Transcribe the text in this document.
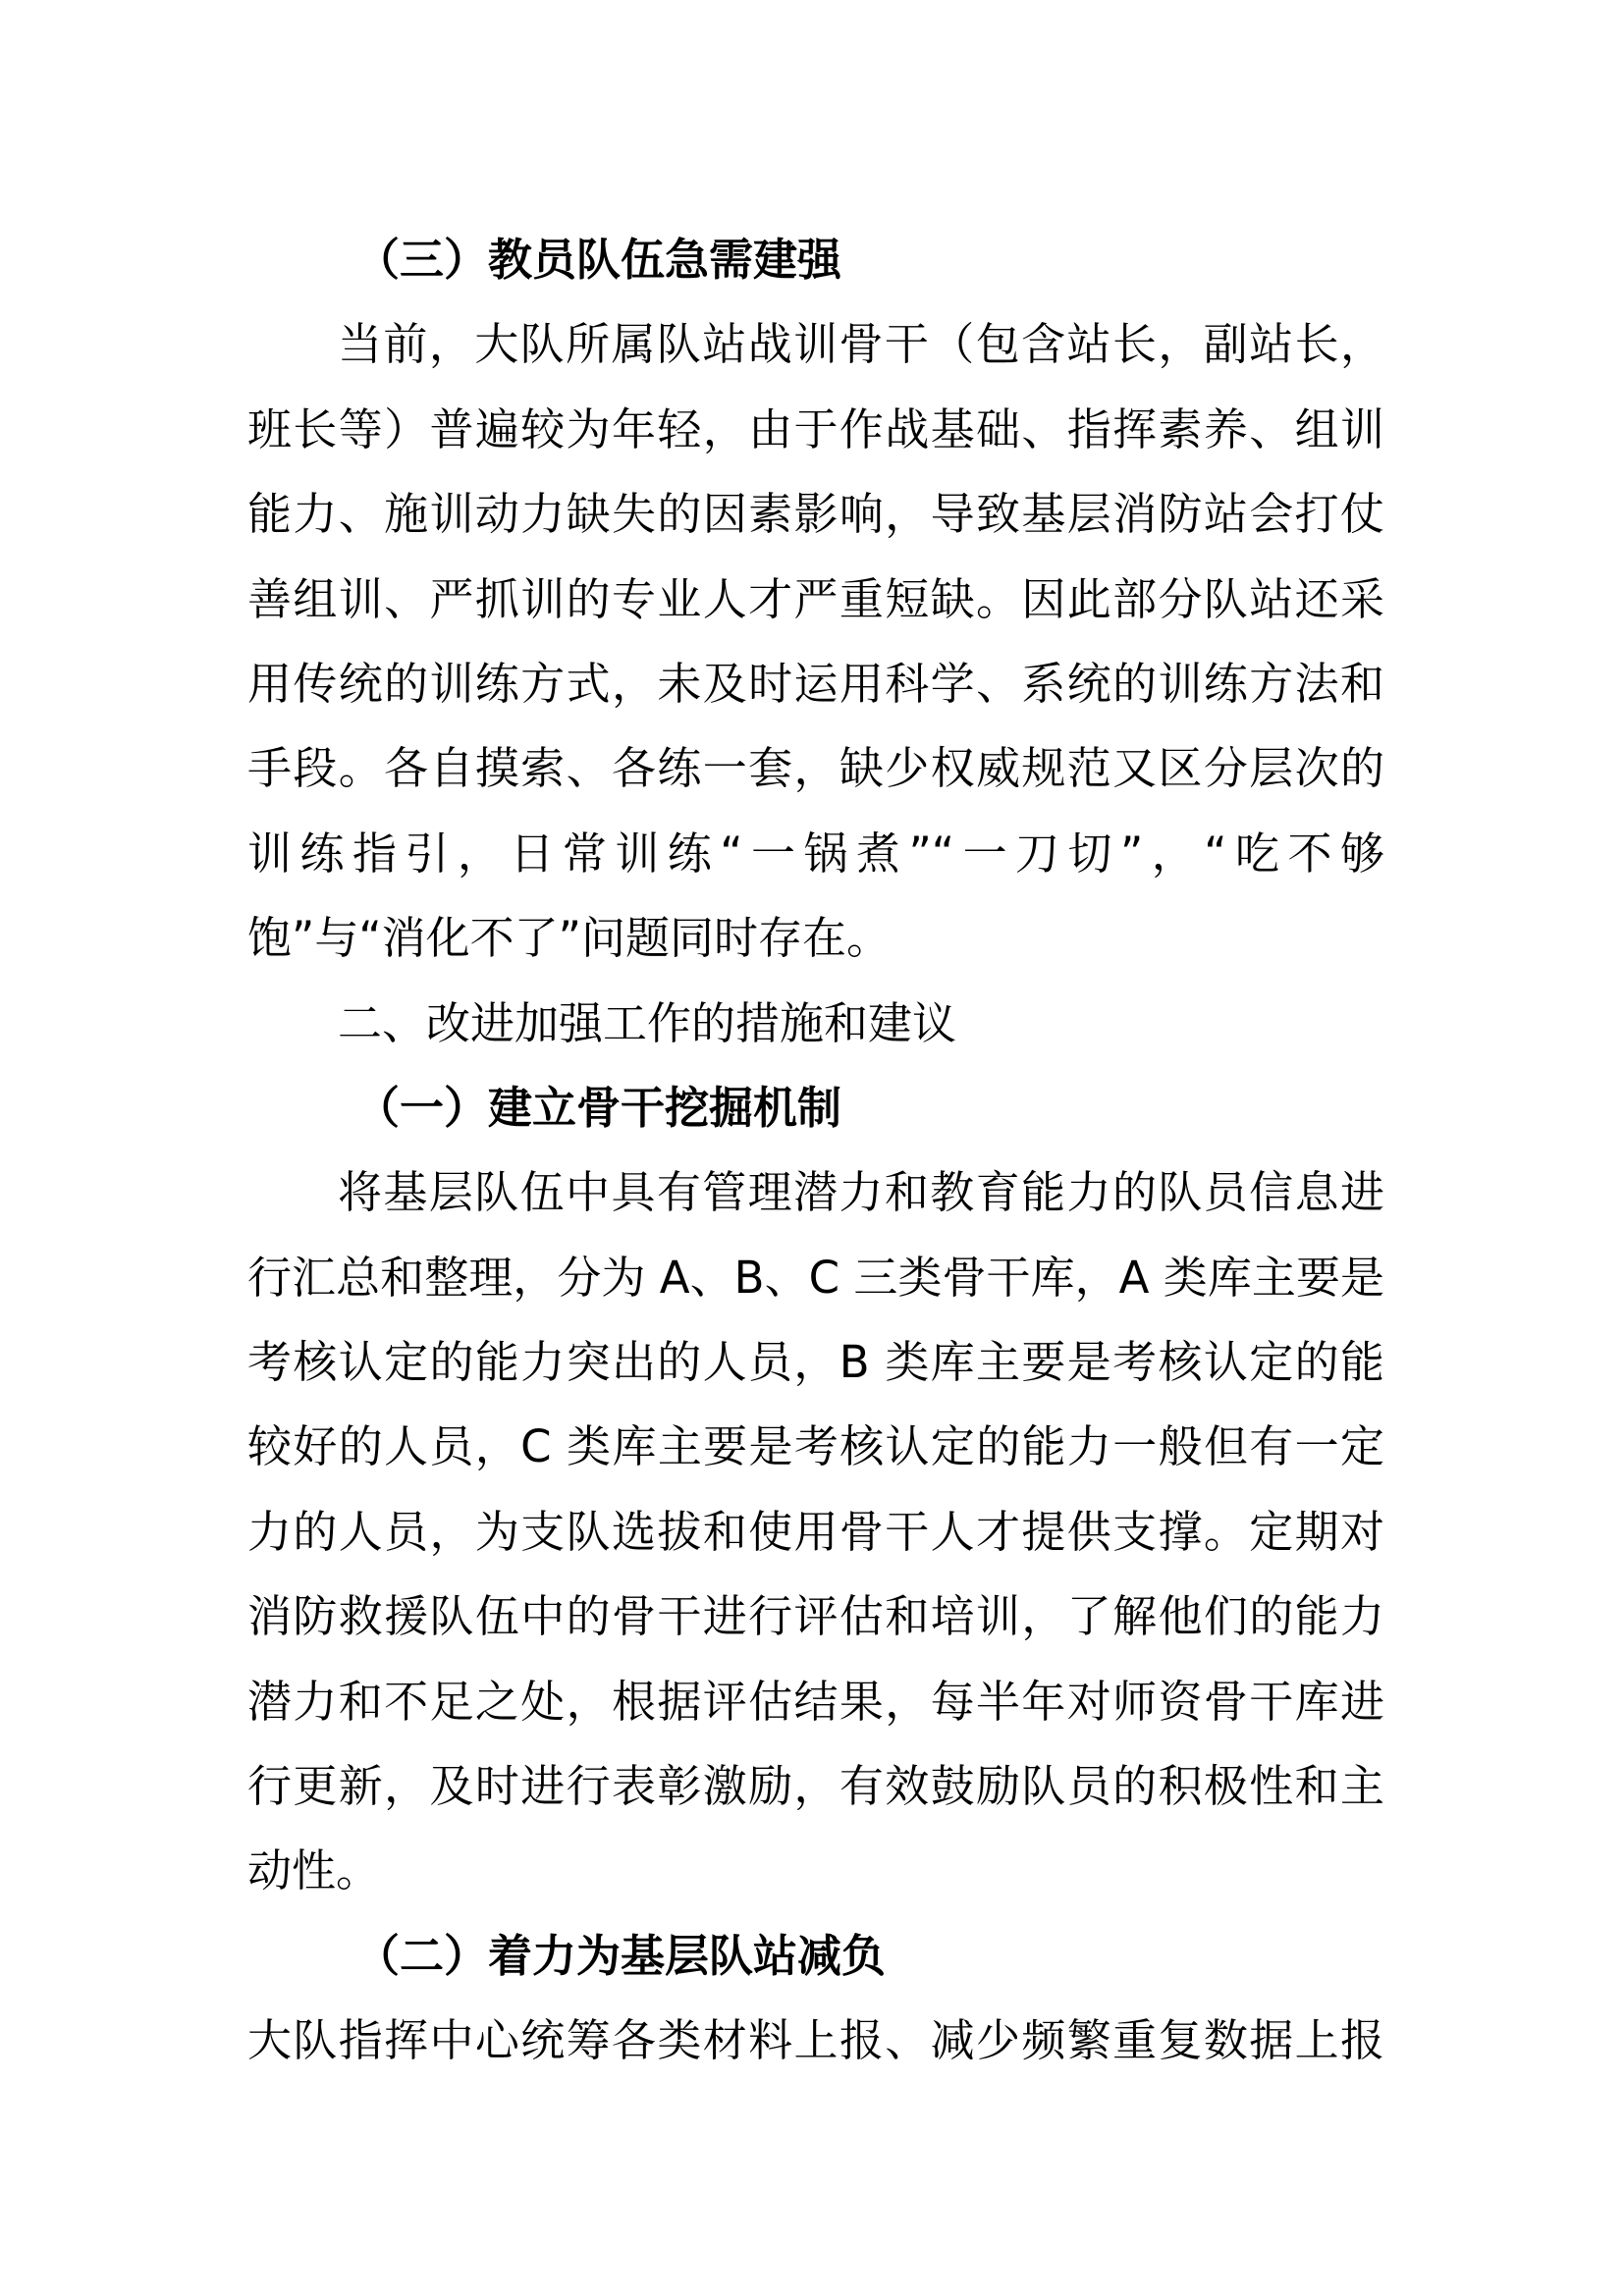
（三）教员队伍急需建强
当前，大队所属队站战训骨干（包含站长，副站长，
班长等）普遍较为年轻，由于作战基础、指挥素养、组训
能力、施训动力缺失的因素影响，导致基层消防站会打仗
善组训、严抓训的专业人才严重短缺。因此部分队站还采
用传统的训练方式，未及时运用科学、系统的训练方法和
手段。各自摸索、各练一套，缺少权威规范又区分层次的
训练指引，日常训练“一锅煮”“一刀切”，“吃不够
饱”与“消化不了”问题同时存在。
二、改进加强工作的措施和建议
（一）建立骨干挖掘机制
将基层队伍中具有管理潜力和教育能力的队员信息进
行汇总和整理，分为 A、B、C 三类骨干库，A 类库主要是
考核认定的能力突出的人员，B 类库主要是考核认定的能
较好的人员，C 类库主要是考核认定的能力一般但有一定
力的人员，为支队选拔和使用骨干人才提供支撑。定期对
消防救援队伍中的骨干进行评估和培训，了解他们的能力
潜力和不足之处，根据评估结果，每半年对师资骨干库进
行更新，及时进行表彰激励，有效鼓励队员的积极性和主
动性。
（二）着力为基层队站减负
大队指挥中心统筹各类材料上报、减少频繁重复数据上报
